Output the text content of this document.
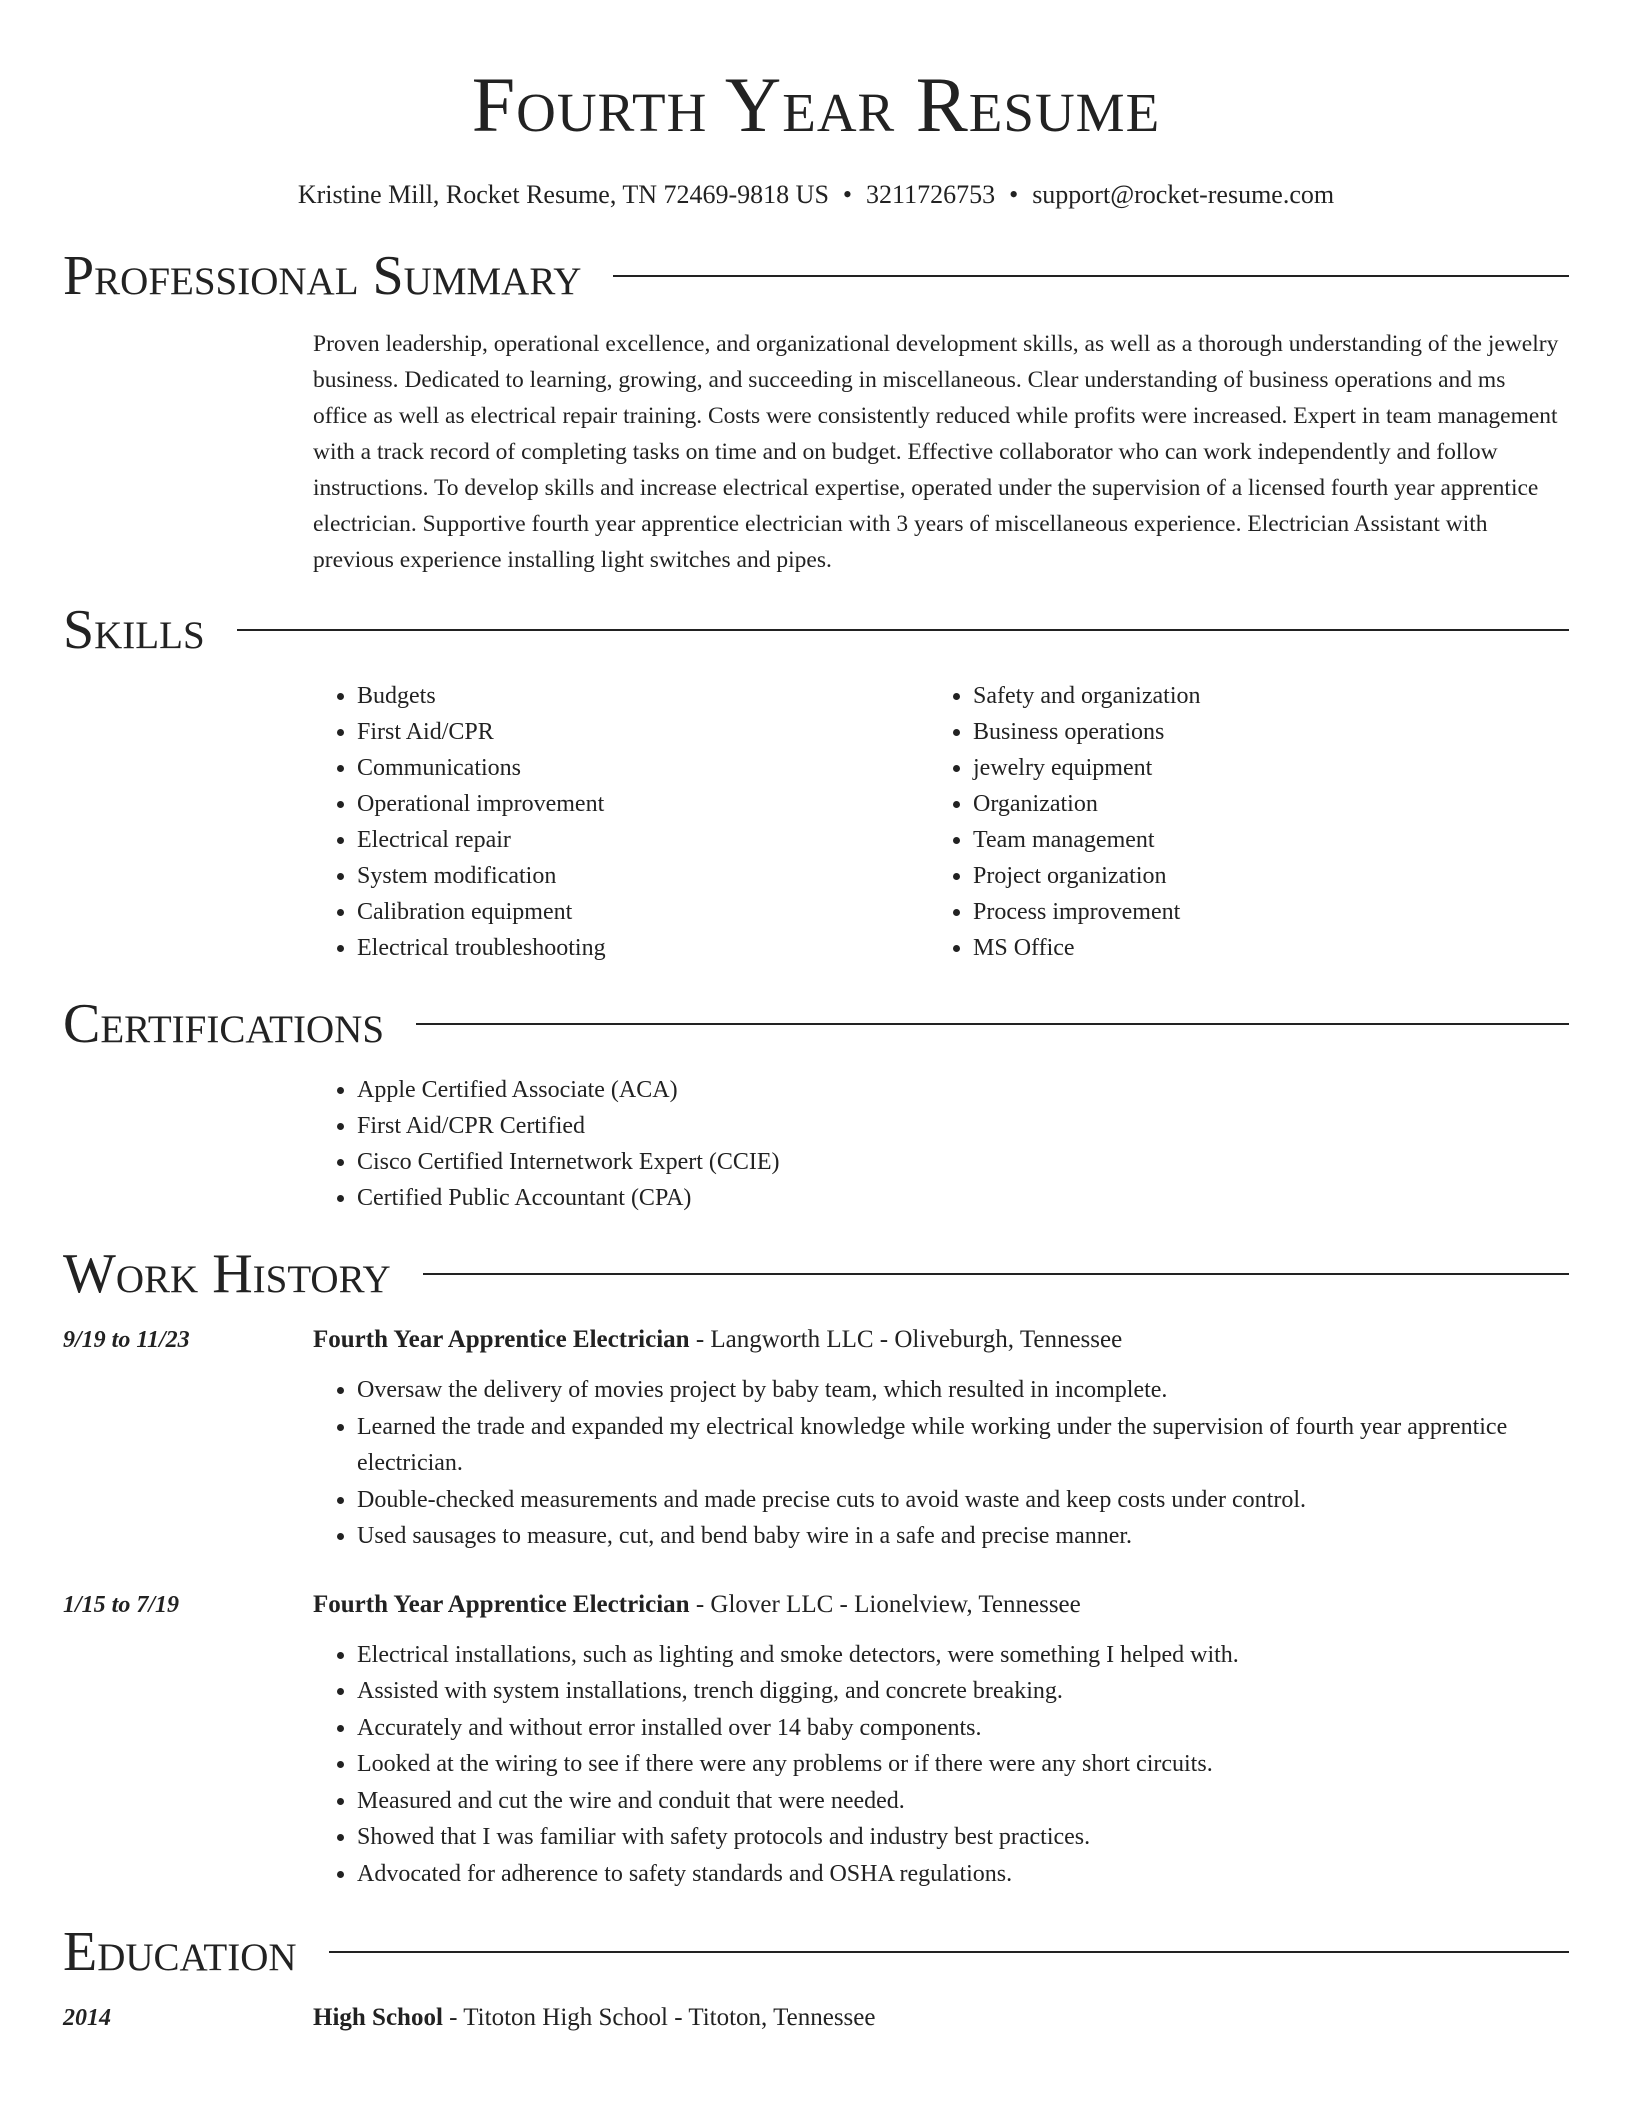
Fourth Year Resume
Kristine Mill, Rocket Resume, TN 72469-9818 US • 3211726753 • support@rocket-resume.com
Professional Summary
Proven leadership, operational excellence, and organizational development skills, as well as a thorough understanding of the jewelry business. Dedicated to learning, growing, and succeeding in miscellaneous. Clear understanding of business operations and ms office as well as electrical repair training. Costs were consistently reduced while profits were increased. Expert in team management with a track record of completing tasks on time and on budget. Effective collaborator who can work independently and follow instructions. To develop skills and increase electrical expertise, operated under the supervision of a licensed fourth year apprentice electrician. Supportive fourth year apprentice electrician with 3 years of miscellaneous experience. Electrician Assistant with previous experience installing light switches and pipes.
Skills
• Budgets
• First Aid/CPR
• Communications
• Operational improvement
• Electrical repair
• System modification
• Calibration equipment
• Electrical troubleshooting
• Safety and organization
• Business operations
• jewelry equipment
• Organization
• Team management
• Project organization
• Process improvement
• MS Office
Certifications
• Apple Certified Associate (ACA)
• First Aid/CPR Certified
• Cisco Certified Internetwork Expert (CCIE)
• Certified Public Accountant (CPA)
Work History
9/19 to 11/23	Fourth Year Apprentice Electrician - Langworth LLC - Oliveburgh, Tennessee
• Oversaw the delivery of movies project by baby team, which resulted in incomplete.
• Learned the trade and expanded my electrical knowledge while working under the supervision of fourth year apprentice electrician.
• Double-checked measurements and made precise cuts to avoid waste and keep costs under control.
• Used sausages to measure, cut, and bend baby wire in a safe and precise manner.
1/15 to 7/19	Fourth Year Apprentice Electrician - Glover LLC - Lionelview, Tennessee
• Electrical installations, such as lighting and smoke detectors, were something I helped with.
• Assisted with system installations, trench digging, and concrete breaking.
• Accurately and without error installed over 14 baby components.
• Looked at the wiring to see if there were any problems or if there were any short circuits.
• Measured and cut the wire and conduit that were needed.
• Showed that I was familiar with safety protocols and industry best practices.
• Advocated for adherence to safety standards and OSHA regulations.
Education
2014	High School - Titoton High School - Titoton, Tennessee
